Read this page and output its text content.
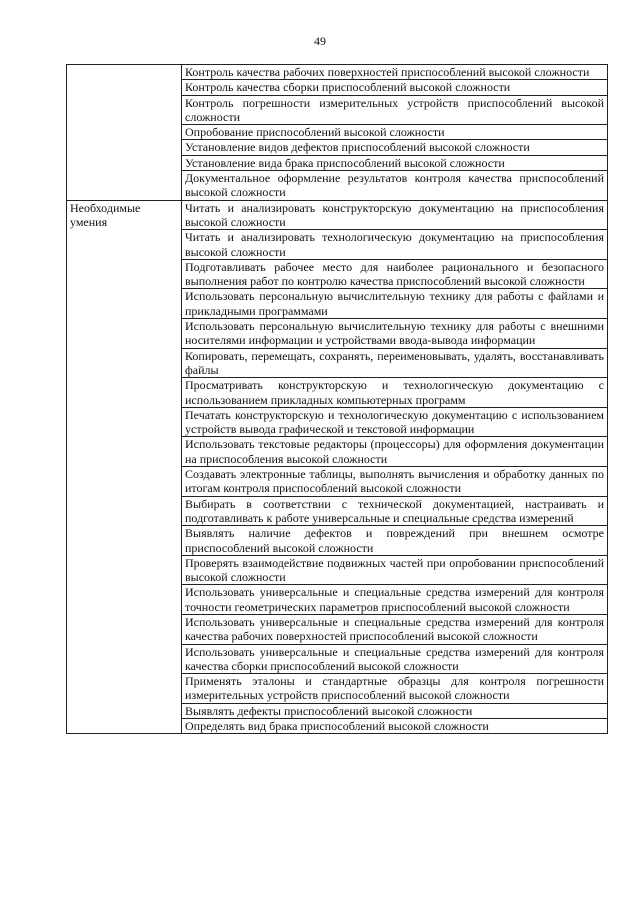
49
	Контроль качества рабочих поверхностей приспособлений высокой сложности
	Контроль качества сборки приспособлений высокой сложности
	Контроль погрешности измерительных устройств приспособлений высокой сложности
	Опробование приспособлений высокой сложности
	Установление видов дефектов приспособлений высокой сложности
	Установление вида брака приспособлений высокой сложности
	Документальное оформление результатов контроля качества приспособлений высокой сложности
Необходимые умения	Читать и анализировать конструкторскую документацию на приспособления высокой сложности
	Читать и анализировать технологическую документацию на приспособления высокой сложности
	Подготавливать рабочее место для наиболее рационального и безопасного выполнения работ по контролю качества приспособлений высокой сложности
	Использовать персональную вычислительную технику для работы с файлами и прикладными программами
	Использовать персональную вычислительную технику для работы с внешними носителями информации и устройствами ввода-вывода информации
	Копировать, перемещать, сохранять, переименовывать, удалять, восстанавливать файлы
	Просматривать конструкторскую и технологическую документацию с использованием прикладных компьютерных программ
	Печатать конструкторскую и технологическую документацию с использованием устройств вывода графической и текстовой информации
	Использовать текстовые редакторы (процессоры) для оформления документации на приспособления высокой сложности
	Создавать электронные таблицы, выполнять вычисления и обработку данных по итогам контроля приспособлений высокой сложности
	Выбирать в соответствии с технической документацией, настраивать и подготавливать к работе универсальные и специальные средства измерений
	Выявлять наличие дефектов и повреждений при внешнем осмотре приспособлений высокой сложности
	Проверять взаимодействие подвижных частей при опробовании приспособлений высокой сложности
	Использовать универсальные и специальные средства измерений для контроля точности геометрических параметров приспособлений высокой сложности
	Использовать универсальные и специальные средства измерений для контроля качества рабочих поверхностей приспособлений высокой сложности
	Использовать универсальные и специальные средства измерений для контроля качества сборки приспособлений высокой сложности
	Применять эталоны и стандартные образцы для контроля погрешности измерительных устройств приспособлений высокой сложности
	Выявлять дефекты приспособлений высокой сложности
	Определять вид брака приспособлений высокой сложности
